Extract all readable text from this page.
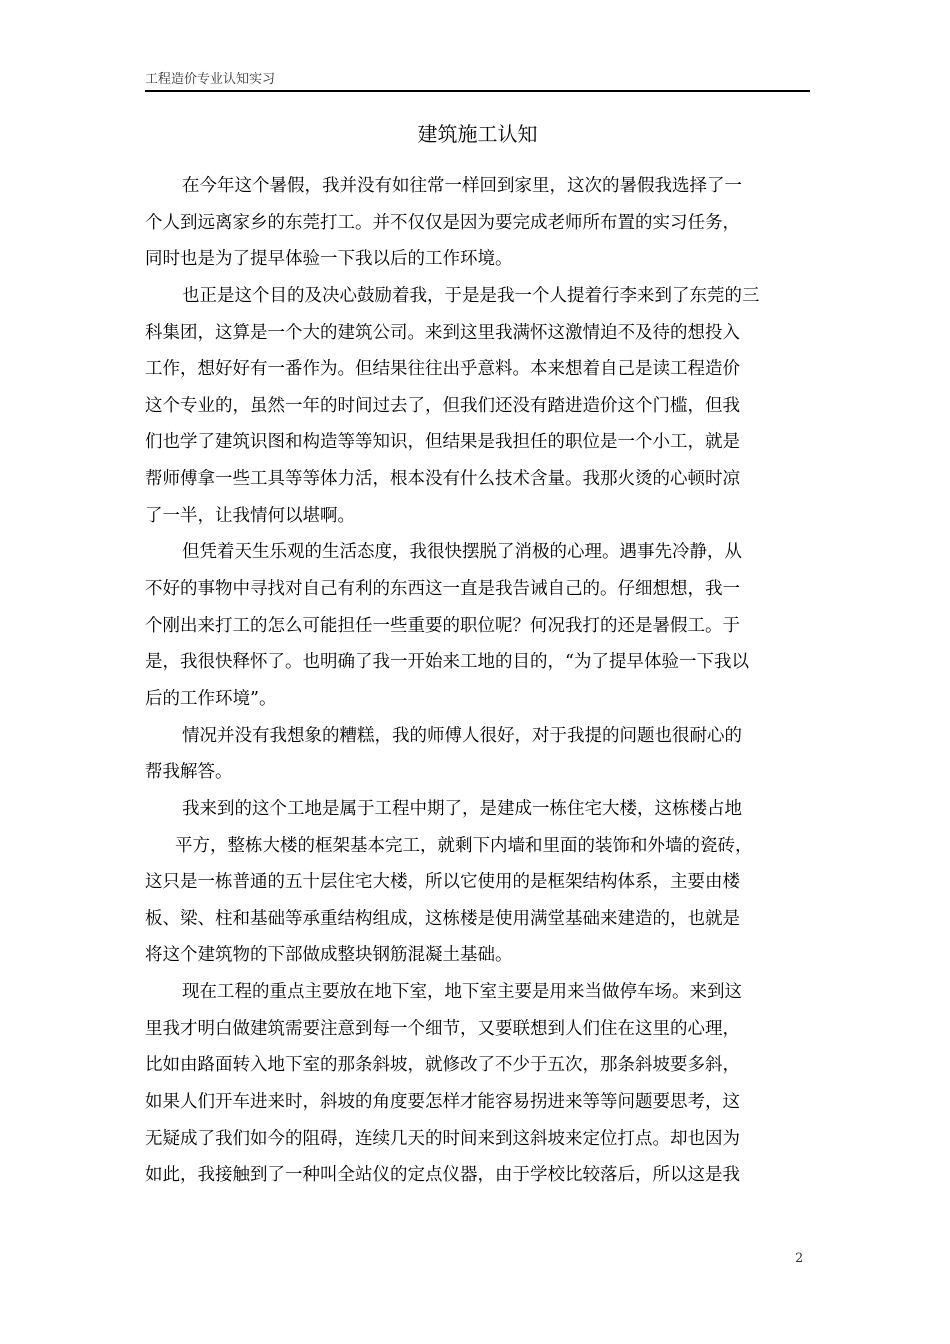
工程造价专业认知实习
建筑施工认知
在今年这个暑假，我并没有如往常一样回到家里，这次的暑假我选择了一
个人到远离家乡的东莞打工。并不仅仅是因为要完成老师所布置的实习任务，
同时也是为了提早体验一下我以后的工作环境。
也正是这个目的及决心鼓励着我，于是是我一个人提着行李来到了东莞的三
科集团，这算是一个大的建筑公司。来到这里我满怀这激情迫不及待的想投入
工作，想好好有一番作为。但结果往往出乎意料。本来想着自己是读工程造价
这个专业的，虽然一年的时间过去了，但我们还没有踏进造价这个门槛，但我
们也学了建筑识图和构造等等知识，但结果是我担任的职位是一个小工，就是
帮师傅拿一些工具等等体力活，根本没有什么技术含量。我那火烫的心顿时凉
了一半，让我情何以堪啊。
但凭着天生乐观的生活态度，我很快摆脱了消极的心理。遇事先冷静，从
不好的事物中寻找对自己有利的东西这一直是我告诫自己的。仔细想想，我一
个刚出来打工的怎么可能担任一些重要的职位呢？何况我打的还是暑假工。于
是，我很快释怀了。也明确了我一开始来工地的目的，“为了提早体验一下我以
后的工作环境”。
情况并没有我想象的糟糕，我的师傅人很好，对于我提的问题也很耐心的
帮我解答。
我来到的这个工地是属于工程中期了，是建成一栋住宅大楼，这栋楼占地
平方，整栋大楼的框架基本完工，就剩下内墙和里面的装饰和外墙的瓷砖，
这只是一栋普通的五十层住宅大楼，所以它使用的是框架结构体系，主要由楼
板、梁、柱和基础等承重结构组成，这栋楼是使用满堂基础来建造的，也就是
将这个建筑物的下部做成整块钢筋混凝土基础。
现在工程的重点主要放在地下室，地下室主要是用来当做停车场。来到这
里我才明白做建筑需要注意到每一个细节，又要联想到人们住在这里的心理，
比如由路面转入地下室的那条斜坡，就修改了不少于五次，那条斜坡要多斜，
如果人们开车进来时，斜坡的角度要怎样才能容易拐进来等等问题要思考，这
无疑成了我们如今的阻碍，连续几天的时间来到这斜坡来定位打点。却也因为
如此，我接触到了一种叫全站仪的定点仪器，由于学校比较落后，所以这是我
2
